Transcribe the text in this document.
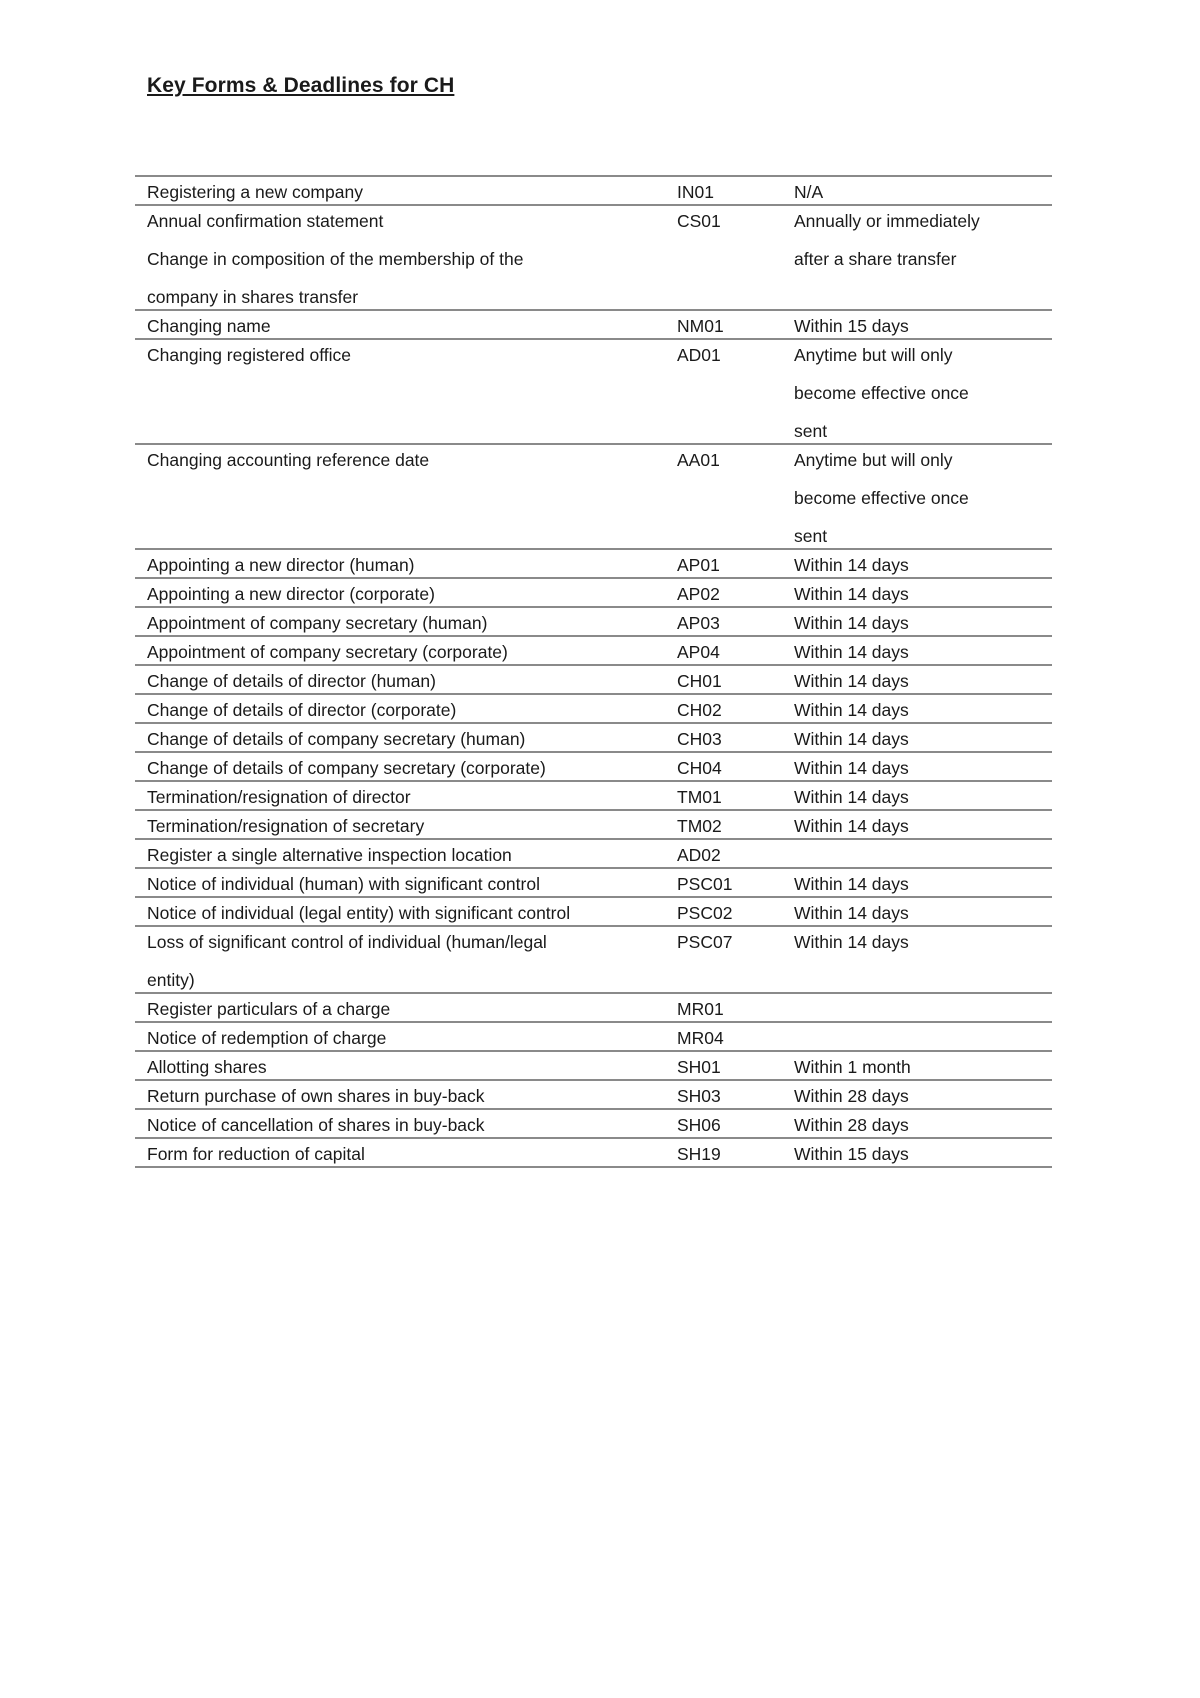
Key Forms & Deadlines for CH
Registering a new company	IN01	N/A

Annual confirmation statement
Change in composition of the membership of the
company in shares transfer	CS01	Annually or immediately
after a share transfer

Changing name	NM01	Within 15 days

Changing registered office	AD01	Anytime but will only
become effective once
sent

Changing accounting reference date	AA01	Anytime but will only
become effective once
sent

Appointing a new director (human)	AP01	Within 14 days

Appointing a new director (corporate)	AP02	Within 14 days

Appointment of company secretary (human)	AP03	Within 14 days

Appointment of company secretary (corporate)	AP04	Within 14 days

Change of details of director (human)	CH01	Within 14 days

Change of details of director (corporate)	CH02	Within 14 days

Change of details of company secretary (human)	CH03	Within 14 days

Change of details of company secretary (corporate)	CH04	Within 14 days

Termination/resignation of director	TM01	Within 14 days

Termination/resignation of secretary	TM02	Within 14 days

Register a single alternative inspection location	AD02	

Notice of individual (human) with significant control	PSC01	Within 14 days

Notice of individual (legal entity) with significant control	PSC02	Within 14 days

Loss of significant control of individual (human/legal
entity)	PSC07	Within 14 days

Register particulars of a charge	MR01	

Notice of redemption of charge	MR04	

Allotting shares	SH01	Within 1 month

Return purchase of own shares in buy-back	SH03	Within 28 days

Notice of cancellation of shares in buy-back	SH06	Within 28 days

Form for reduction of capital	SH19	Within 15 days
